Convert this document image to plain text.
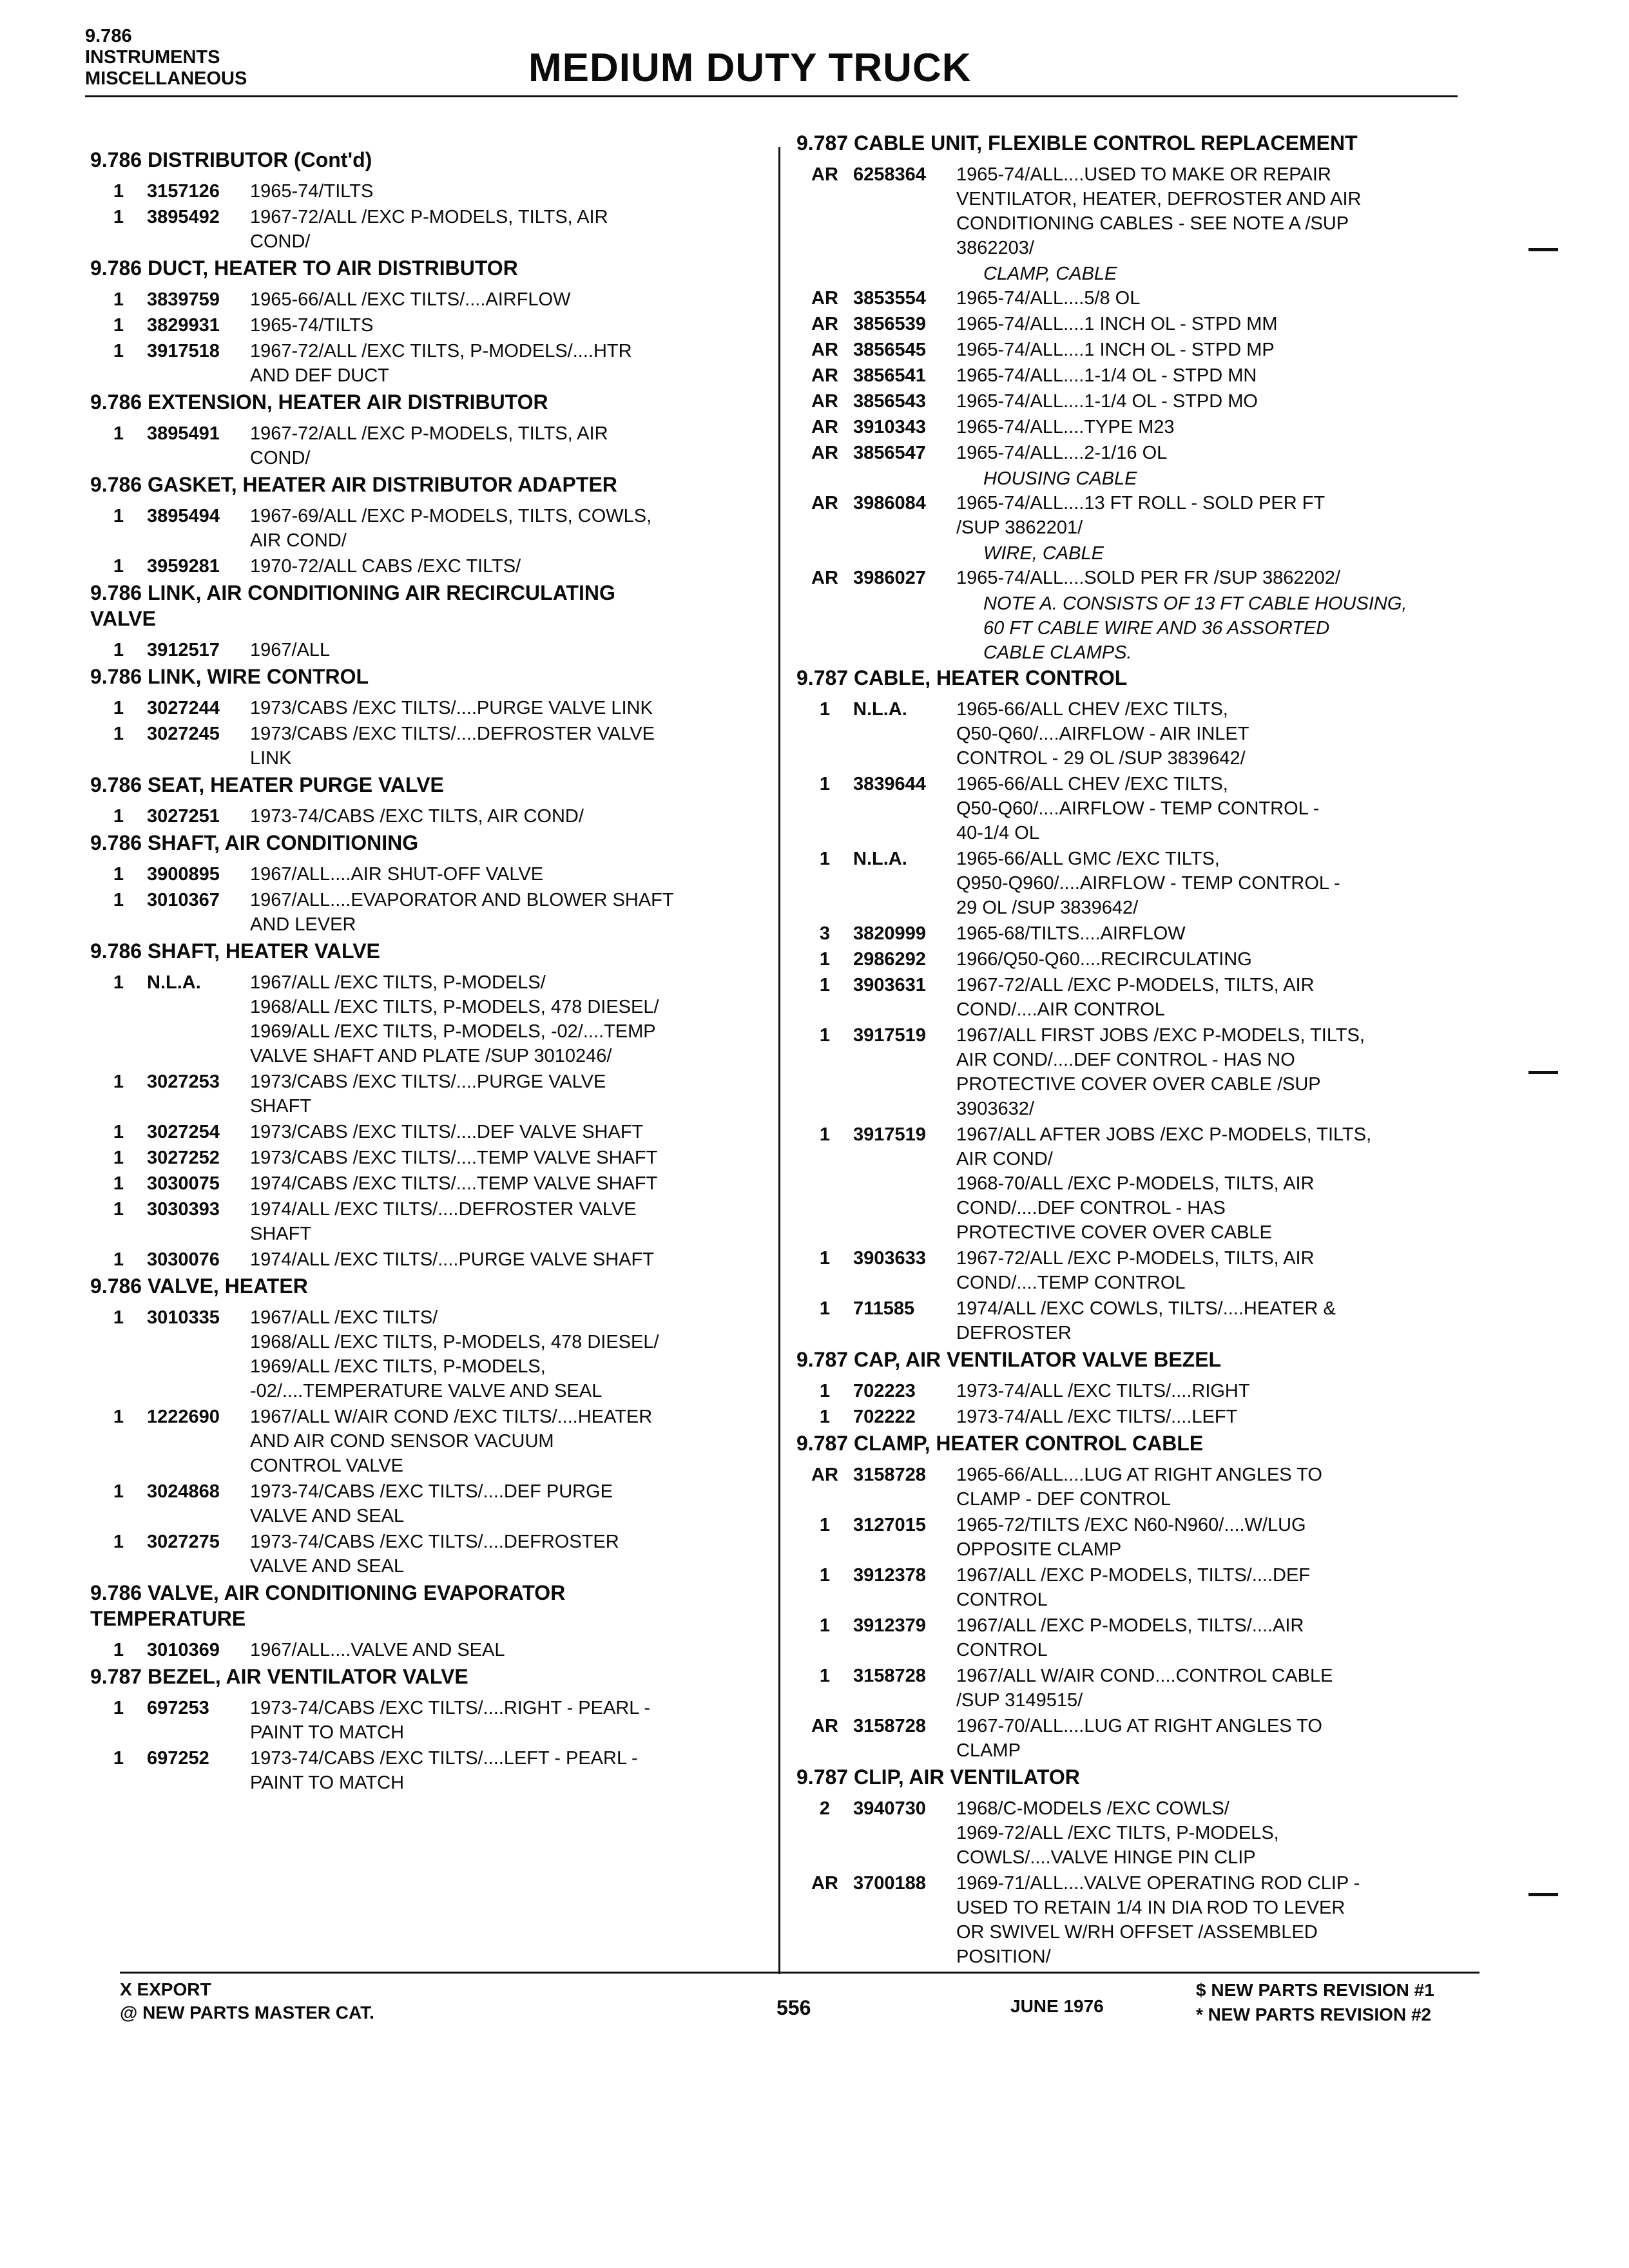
9.786
INSTRUMENTS
MISCELLANEOUS	MEDIUM DUTY TRUCK
9.786 DISTRIBUTOR (Cont'd)
1	3157126	1965-74/TILTS
1	3895492	1967-72/ALL /EXC P-MODELS, TILTS, AIR
COND/
9.786 DUCT, HEATER TO AIR DISTRIBUTOR
1	3839759	1965-66/ALL /EXC TILTS/....AIRFLOW
1	3829931	1965-74/TILTS
1	3917518	1967-72/ALL /EXC TILTS, P-MODELS/....HTR
AND DEF DUCT
9.786 EXTENSION, HEATER AIR DISTRIBUTOR
1	3895491	1967-72/ALL /EXC P-MODELS, TILTS, AIR
COND/
9.786 GASKET, HEATER AIR DISTRIBUTOR ADAPTER
1	3895494	1967-69/ALL /EXC P-MODELS, TILTS, COWLS,
AIR COND/
1	3959281	1970-72/ALL CABS /EXC TILTS/
9.786 LINK, AIR CONDITIONING AIR RECIRCULATING
VALVE
1	3912517	1967/ALL
9.786 LINK, WIRE CONTROL
1	3027244	1973/CABS /EXC TILTS/....PURGE VALVE LINK
1	3027245	1973/CABS /EXC TILTS/....DEFROSTER VALVE
LINK
9.786 SEAT, HEATER PURGE VALVE
1	3027251	1973-74/CABS /EXC TILTS, AIR COND/
9.786 SHAFT, AIR CONDITIONING
1	3900895	1967/ALL....AIR SHUT-OFF VALVE
1	3010367	1967/ALL....EVAPORATOR AND BLOWER SHAFT
AND LEVER
9.786 SHAFT, HEATER VALVE
1	N.L.A.	1967/ALL /EXC TILTS, P-MODELS/
1968/ALL /EXC TILTS, P-MODELS, 478 DIESEL/
1969/ALL /EXC TILTS, P-MODELS, -02/....TEMP
VALVE SHAFT AND PLATE /SUP 3010246/
1	3027253	1973/CABS /EXC TILTS/....PURGE VALVE
SHAFT
1	3027254	1973/CABS /EXC TILTS/....DEF VALVE SHAFT
1	3027252	1973/CABS /EXC TILTS/....TEMP VALVE SHAFT
1	3030075	1974/CABS /EXC TILTS/....TEMP VALVE SHAFT
1	3030393	1974/ALL /EXC TILTS/....DEFROSTER VALVE
SHAFT
1	3030076	1974/ALL /EXC TILTS/....PURGE VALVE SHAFT
9.786 VALVE, HEATER
1	3010335	1967/ALL /EXC TILTS/
1968/ALL /EXC TILTS, P-MODELS, 478 DIESEL/
1969/ALL /EXC TILTS, P-MODELS,
-02/....TEMPERATURE VALVE AND SEAL
1	1222690	1967/ALL W/AIR COND /EXC TILTS/....HEATER
AND AIR COND SENSOR VACUUM
CONTROL VALVE
1	3024868	1973-74/CABS /EXC TILTS/....DEF PURGE
VALVE AND SEAL
1	3027275	1973-74/CABS /EXC TILTS/....DEFROSTER
VALVE AND SEAL
9.786 VALVE, AIR CONDITIONING EVAPORATOR
TEMPERATURE
1	3010369	1967/ALL....VALVE AND SEAL
9.787 BEZEL, AIR VENTILATOR VALVE
1	697253	1973-74/CABS /EXC TILTS/....RIGHT - PEARL -
PAINT TO MATCH
1	697252	1973-74/CABS /EXC TILTS/....LEFT - PEARL -
PAINT TO MATCH
9.787 CABLE UNIT, FLEXIBLE CONTROL REPLACEMENT
AR 6258364	1965-74/ALL....USED TO MAKE OR REPAIR
VENTILATOR, HEATER, DEFROSTER AND AIR
CONDITIONING CABLES - SEE NOTE A /SUP
3862203/
CLAMP, CABLE
AR 3853554	1965-74/ALL....5/8 OL
AR 3856539	1965-74/ALL....1 INCH OL - STPD MM
AR 3856545	1965-74/ALL....1 INCH OL - STPD MP
AR 3856541	1965-74/ALL....1-1/4 OL - STPD MN
AR 3856543	1965-74/ALL....1-1/4 OL - STPD MO
AR 3910343	1965-74/ALL....TYPE M23
AR 3856547	1965-74/ALL....2-1/16 OL
HOUSING CABLE
AR 3986084	1965-74/ALL....13 FT ROLL - SOLD PER FT
/SUP 3862201/
WIRE, CABLE
AR 3986027	1965-74/ALL....SOLD PER FR /SUP 3862202/
NOTE A. CONSISTS OF 13 FT CABLE HOUSING,
60 FT CABLE WIRE AND 36 ASSORTED
CABLE CLAMPS.
9.787 CABLE, HEATER CONTROL
1	N.L.A.	1965-66/ALL CHEV /EXC TILTS,
Q50-Q60/....AIRFLOW - AIR INLET
CONTROL - 29 OL /SUP 3839642/
1	3839644	1965-66/ALL CHEV /EXC TILTS,
Q50-Q60/....AIRFLOW - TEMP CONTROL -
40-1/4 OL
1	N.L.A.	1965-66/ALL GMC /EXC TILTS,
Q950-Q960/....AIRFLOW - TEMP CONTROL -
29 OL /SUP 3839642/
3	3820999	1965-68/TILTS....AIRFLOW
1	2986292	1966/Q50-Q60....RECIRCULATING
1	3903631	1967-72/ALL /EXC P-MODELS, TILTS, AIR
COND/....AIR CONTROL
1	3917519	1967/ALL FIRST JOBS /EXC P-MODELS, TILTS,
AIR COND/....DEF CONTROL - HAS NO
PROTECTIVE COVER OVER CABLE /SUP
3903632/
1	3917519	1967/ALL AFTER JOBS /EXC P-MODELS, TILTS,
AIR COND/
1968-70/ALL /EXC P-MODELS, TILTS, AIR
COND/....DEF CONTROL - HAS
PROTECTIVE COVER OVER CABLE
1	3903633	1967-72/ALL /EXC P-MODELS, TILTS, AIR
COND/....TEMP CONTROL
1	711585	1974/ALL /EXC COWLS, TILTS/....HEATER &
DEFROSTER
9.787 CAP, AIR VENTILATOR VALVE BEZEL
1	702223	1973-74/ALL /EXC TILTS/....RIGHT
1	702222	1973-74/ALL /EXC TILTS/....LEFT
9.787 CLAMP, HEATER CONTROL CABLE
AR 3158728	1965-66/ALL....LUG AT RIGHT ANGLES TO
CLAMP - DEF CONTROL
1	3127015	1965-72/TILTS /EXC N60-N960/....W/LUG
OPPOSITE CLAMP
1	3912378	1967/ALL /EXC P-MODELS, TILTS/....DEF
CONTROL
1	3912379	1967/ALL /EXC P-MODELS, TILTS/....AIR
CONTROL
1	3158728	1967/ALL W/AIR COND....CONTROL CABLE
/SUP 3149515/
AR 3158728	1967-70/ALL....LUG AT RIGHT ANGLES TO
CLAMP
9.787 CLIP, AIR VENTILATOR
2	3940730	1968/C-MODELS /EXC COWLS/
1969-72/ALL /EXC TILTS, P-MODELS,
COWLS/....VALVE HINGE PIN CLIP
AR 3700188	1969-71/ALL....VALVE OPERATING ROD CLIP -
USED TO RETAIN 1/4 IN DIA ROD TO LEVER
OR SWIVEL W/RH OFFSET /ASSEMBLED
POSITION/
X EXPORT
@ NEW PARTS MASTER CAT.	556	JUNE 1976
$ NEW PARTS REVISION #1
* NEW PARTS REVISION #2
